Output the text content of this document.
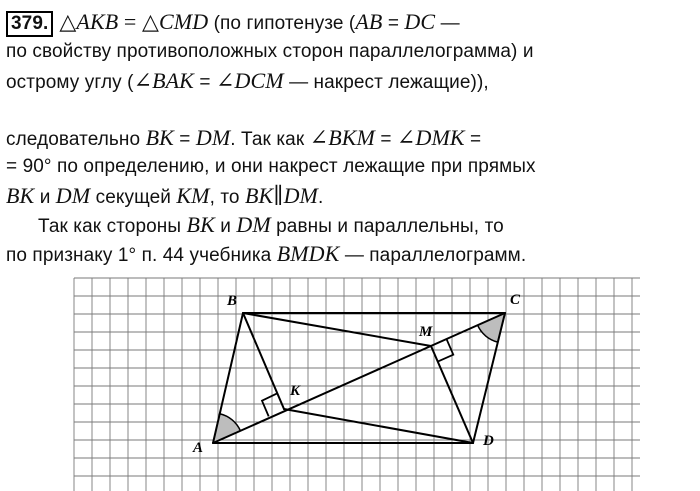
379. △AKB = △CMD (по гипотенузе (AB = DC —
по свойству противоположных сторон параллелограмма) и
острому углу (∠BAK = ∠DCM — накрест лежащие)),
следовательно BK = DM. Так как ∠BKM = ∠DMK =
= 90° по определению, и они накрест лежащие при прямых
BK и DM секущей KM, то BK∥DM.
Так как стороны BK и DM равны и параллельны, то
по признаку 1° п. 44 учебника BMDK — параллелограмм.
A
B	C
D
K
M
